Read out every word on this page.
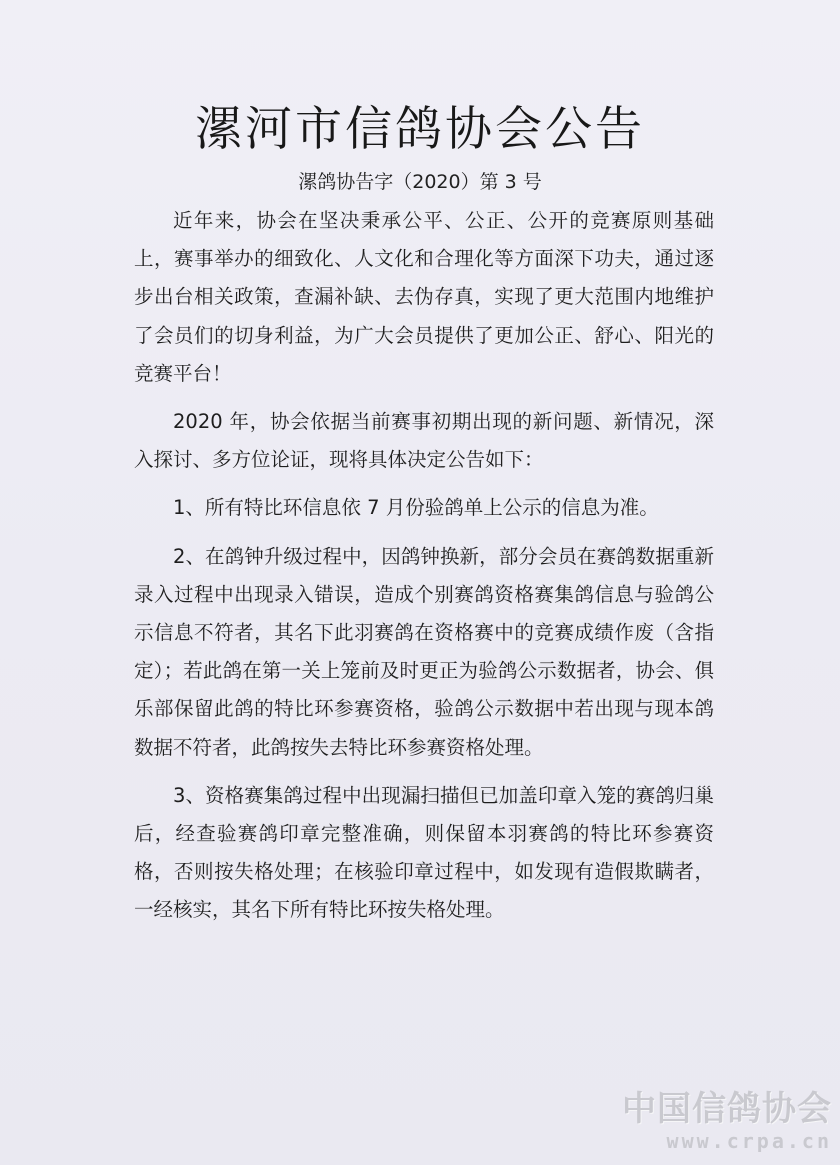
漯河市信鸽协会公告
漯鸽协告字（2020）第 3 号

近年来，协会在坚决秉承公平、公正、公开的竞赛原则基础上，赛事举办的细致化、人文化和合理化等方面深下功夫，通过逐步出台相关政策，查漏补缺、去伪存真，实现了更大范围内地维护了会员们的切身利益，为广大会员提供了更加公正、舒心、阳光的竞赛平台！

2020 年，协会依据当前赛事初期出现的新问题、新情况，深入探讨、多方位论证，现将具体决定公告如下：

1、所有特比环信息依 7 月份验鸽单上公示的信息为准。

2、在鸽钟升级过程中，因鸽钟换新，部分会员在赛鸽数据重新录入过程中出现录入错误，造成个别赛鸽资格赛集鸽信息与验鸽公示信息不符者，其名下此羽赛鸽在资格赛中的竞赛成绩作废（含指定）；若此鸽在第一关上笼前及时更正为验鸽公示数据者，协会、俱乐部保留此鸽的特比环参赛资格，验鸽公示数据中若出现与现本鸽数据不符者，此鸽按失去特比环参赛资格处理。

3、资格赛集鸽过程中出现漏扫描但已加盖印章入笼的赛鸽归巢后，经查验赛鸽印章完整准确，则保留本羽赛鸽的特比环参赛资格，否则按失格处理；在核验印章过程中，如发现有造假欺瞒者，一经核实，其名下所有特比环按失格处理。

中国信鸽协会
www.crpa.cn
